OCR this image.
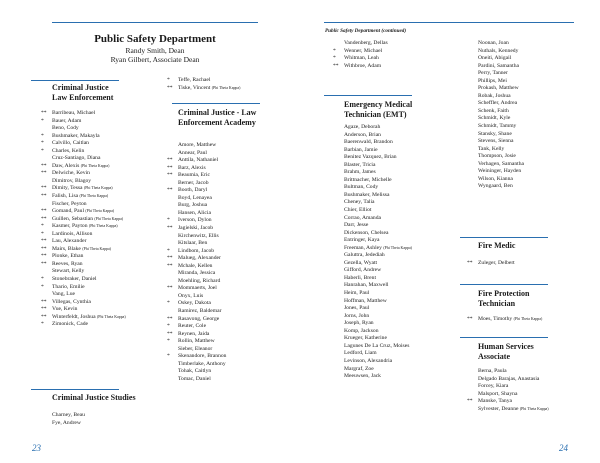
Public Safety Department
Randy Smith, Dean
Ryan Gilbert, Associate Dean
Criminal Justice
Law Enforcement
** Barribeau, Michael
*	Bauer, Adam
Beno, Cody
*	Bushmaker, Makayla
*	Calvillo, Caitlan
*	Charles, Kelin
Cruz-Santiago, Diana
** Daw, Alexis (Phi Theta Kappa)
** Delwiche, Kevin
Dimitrov, Blagoy
** Dimity, Tessa (Phi Theta Kappa)
** Falish, Lisa (Phi Theta Kappa)
Fischer, Peyton
** Gomand, Paul (Phi Theta Kappa)
** Guillen, Sebastian (Phi Theta Kappa)
*	Kasmer, Payton (Phi Theta Kappa)
*	Lardinois, Allison
** Lau, Alexander
** Mairs, Blake (Phi Theta Kappa)
** Plonke, Ethan
** Reeves, Ryan
Stewart, Kelly
*	Stonebraker, Daniel
*	Thario, Emilie
Vang, Lue
** Villegas, Cynthia
** Vue, Kevin
** Winterfeldt, Joshua (Phi Theta Kappa)
*	Zimonick, Cade
Criminal Justice Studies
Charney, Beau
Fye, Andrew
*	Teffe, Rachael
** Tiske, Vincent (Phi Theta Kappa)
Criminal Justice - Law
Enforcement Academy
Amore, Matthew
Annear, Paul
** Anttila, Nathaniel
** Barz, Alexis
** Beaumia, Eric
Berner, Jacob
** Booth, Daryl
Boyd, Lenayea
Burg, Joshua
Hansen, Alicia
*	Iverson, Dylon
** Jagielski, Jacob
Kirchenwitz, Ellis
Kitslaar, Ben
*	Lindbom, Jacob
** Malueg, Alexander
** Mchale, Kellen
Miranda, Jessica
Moehling, Richard
** Mommaerts, Joel
Onyx, Luis
*	Oskey, Dakota
Ramirez, Baldemar
** Rasavong, George
*	Reuter, Cole
** Reynen, Jaida
*	Rollin, Matthew
Sieber, Eleanor
*	Skenandore, Brannon
Timberlake, Anthony
Tohak, Caitlyn
Tomac, Daniel
23
Public Safety Department (continued)
Vandenberg, Dellas
*	Wenner, Michael
*	Whitman, Leah
** Withbroe, Adam
Emergency Medical
Technician (EMT)
Agaze, Deborah
Anderson, Brian
Baerenwald, Brandon
Barbian, Jamie
Benitez Vazquez, Brian
Blaster, Tricia
Brahm, James
Brittnacher, Michelle
Bultman, Cody
Bushmaker, Melissa
Cheney, Talia
Chier, Elliot
Corrao, Amanda
Darr, Jesse
Dickenson, Chelsea
Entringer, Kaya
Freeman, Ashley (Phi Theta Kappa)
Galuttra, Jedediah
Gezella, Wyatt
Gifford, Andrew
Haberli, Brent
Hanrahan, Maxwell
Heim, Paul
Hoffman, Matthew
Jones, Paul
Jorns, John
Joseph, Ryan
Komp, Jackson
Krueger, Katherine
Lagunes De La Cruz, Moises
Ledford, Liam
Levinson, Alexandria
Margraf, Zoe
Meeuwsen, Jack
Noonan, Joan
Nuthals, Kennedy
Oneiti, Abigail
Pardini, Samantha
Perry, Tanner
Phillips, Mei
Prokash, Matthew
Robak, Joshua
Scheffler, Andrea
Schenk, Faith
Schmidt, Kyle
Schmidt, Tammy
Stansky, Shane
Stevens, Sienna
Tank, Kelly
Thompson, Josie
Verhagen, Samantha
Weininger, Hayden
Wilson, Kianna
Wyngaard, Ben
Fire Medic
** Zuleger, Delbert
Fire Protection
Technician
** Moes, Timothy (Phi Theta Kappa)
Human Services
Associate
Berna, Paula
Delgado Barajas, Anastasia
Forcey, Kiara
Malsport, Shayna
** Manske, Tanya
Sylvester, Deanne (Phi Theta Kappa)
24
